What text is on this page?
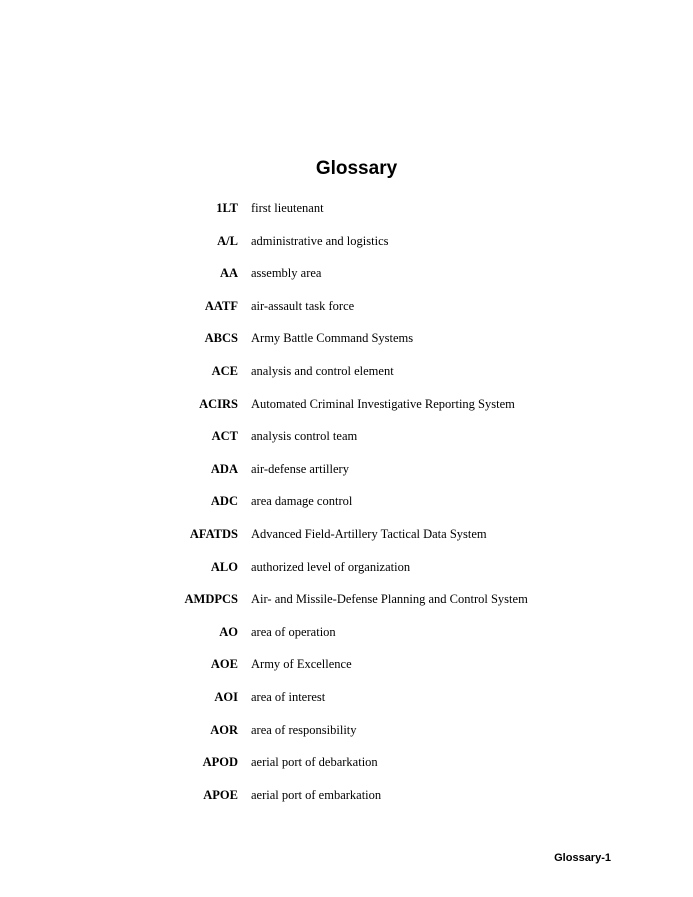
Glossary
1LT first lieutenant
A/L administrative and logistics
AA assembly area
AATF air-assault task force
ABCS Army Battle Command Systems
ACE analysis and control element
ACIRS Automated Criminal Investigative Reporting System
ACT analysis control team
ADA air-defense artillery
ADC area damage control
AFATDS Advanced Field-Artillery Tactical Data System
ALO authorized level of organization
AMDPCS Air- and Missile-Defense Planning and Control System
AO area of operation
AOE Army of Excellence
AOI area of interest
AOR area of responsibility
APOD aerial port of debarkation
APOE aerial port of embarkation
Glossary-1
